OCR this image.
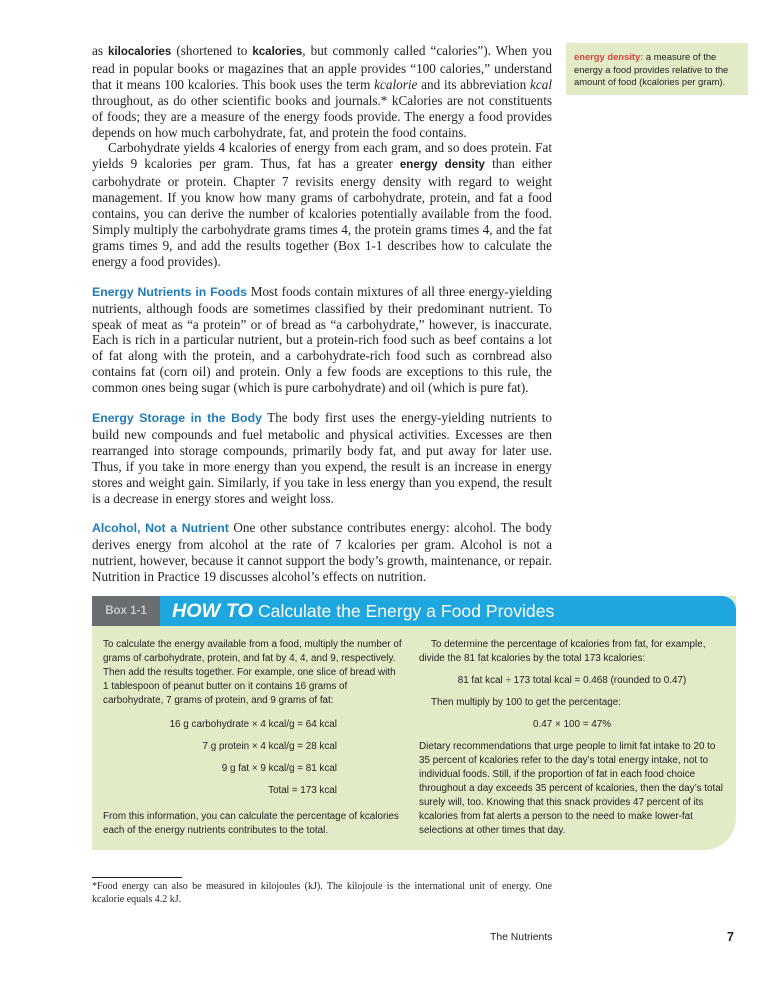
as kilocalories (shortened to kcalories, but commonly called “calories”). When you read in popular books or magazines that an apple provides “100 calories,” understand that it means 100 kcalories. This book uses the term kcalorie and its abbreviation kcal throughout, as do other scientific books and journals.* kCalories are not constituents of foods; they are a measure of the energy foods provide. The energy a food provides depends on how much carbohydrate, fat, and protein the food contains.

Carbohydrate yields 4 kcalories of energy from each gram, and so does protein. Fat yields 9 kcalories per gram. Thus, fat has a greater energy density than either carbohydrate or protein. Chapter 7 revisits energy density with regard to weight management. If you know how many grams of carbohydrate, protein, and fat a food contains, you can derive the number of kcalories potentially available from the food. Simply multiply the carbohydrate grams times 4, the protein grams times 4, and the fat grams times 9, and add the results together (Box 1-1 describes how to calculate the energy a food provides).

Energy Nutrients in Foods Most foods contain mixtures of all three energy-yielding nutrients, although foods are sometimes classified by their predominant nutrient. To speak of meat as “a protein” or of bread as “a carbohydrate,” however, is inaccurate. Each is rich in a particular nutrient, but a protein-rich food such as beef contains a lot of fat along with the protein, and a carbohydrate-rich food such as cornbread also contains fat (corn oil) and protein. Only a few foods are exceptions to this rule, the common ones being sugar (which is pure carbohydrate) and oil (which is pure fat).

Energy Storage in the Body The body first uses the energy-yielding nutrients to build new compounds and fuel metabolic and physical activities. Excesses are then rearranged into storage compounds, primarily body fat, and put away for later use. Thus, if you take in more energy than you expend, the result is an increase in energy stores and weight gain. Similarly, if you take in less energy than you expend, the result is a decrease in energy stores and weight loss.

Alcohol, Not a Nutrient One other substance contributes energy: alcohol. The body derives energy from alcohol at the rate of 7 kcalories per gram. Alcohol is not a nutrient, however, because it cannot support the body’s growth, maintenance, or repair. Nutrition in Practice 19 discusses alcohol’s effects on nutrition.

energy density: a measure of the energy a food provides relative to the amount of food (kcalories per gram).
Box 1-1	HOW TO Calculate the Energy a Food Provides

To calculate the energy available from a food, multiply the number of grams of carbohydrate, protein, and fat by 4, 4, and 9, respectively. Then add the results together. For example, one slice of bread with 1 tablespoon of peanut butter on it contains 16 grams of carbohydrate, 7 grams of protein, and 9 grams of fat:

16 g carbohydrate × 4 kcal/g = 64 kcal

7 g protein × 4 kcal/g = 28 kcal

9 g fat × 9 kcal/g = 81 kcal

Total = 173 kcal

From this information, you can calculate the percentage of kcalories each of the energy nutrients contributes to the total.

To determine the percentage of kcalories from fat, for example, divide the 81 fat kcalories by the total 173 kcalories:

81 fat kcal ÷ 173 total kcal = 0.468 (rounded to 0.47)

Then multiply by 100 to get the percentage:

0.47 × 100 = 47%

Dietary recommendations that urge people to limit fat intake to 20 to 35 percent of kcalories refer to the day’s total energy intake, not to individual foods. Still, if the proportion of fat in each food choice throughout a day exceeds 35 percent of kcalories, then the day’s total surely will, too. Knowing that this snack provides 47 percent of its kcalories from fat alerts a person to the need to make lower-fat selections at other times that day.

*Food energy can also be measured in kilojoules (kJ). The kilojoule is the international unit of energy. One kcalorie equals 4.2 kJ.
The Nutrients	7
